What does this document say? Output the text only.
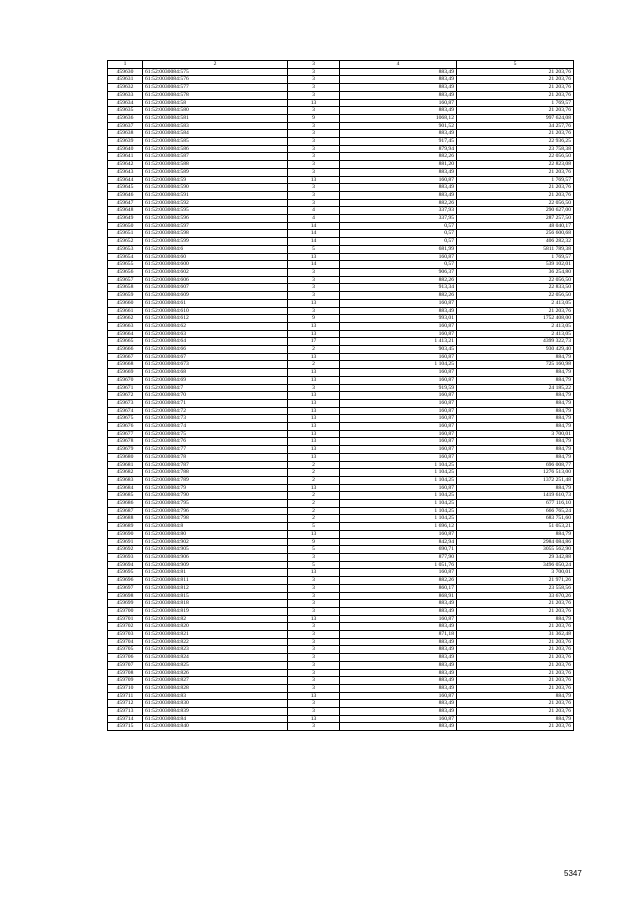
1	2	3	4	5
459630	61:52:0030084:575	3	883,49	21 203,76
459631	61:52:0030084:576	3	883,49	21 203,76
459632	61:52:0030084:577	3	883,49	21 203,76
459633	61:52:0030084:578	3	883,49	21 203,76
459634	61:52:0030084:58	13	160,87	1 769,57
459635	61:52:0030084:580	3	883,49	21 203,76
459636	61:52:0030084:581	9	1068,12	997 624,08
459637	61:52:0030084:583	3	901,52	34 257,76
459638	61:52:0030084:584	3	883,49	21 203,76
459639	61:52:0030084:585	3	917,45	22 936,25
459640	61:52:0030084:586	3	879,94	23 758,38
459641	61:52:0030084:587	3	882,26	22 056,50
459642	61:52:0030084:588	3	881,20	22 823,08
459643	61:52:0030084:589	3	883,49	21 203,76
459644	61:52:0030084:59	13	160,87	1 769,57
459645	61:52:0030084:590	3	883,49	21 203,76
459646	61:52:0030084:591	3	883,49	21 203,76
459647	61:52:0030084:592	3	882,26	22 056,50
459648	61:52:0030084:595	4	337,93	290 627,00
459649	61:52:0030084:596	4	337,95	287 257,50
459650	61:52:0030084:597	14	0,57	48 040,17
459651	61:52:0030084:598	14	0,57	256 600,68
459652	61:52:0030084:599	14	0,57	406 282,32
459653	61:52:0030084:6	5	681,99	5811 789,38
459654	61:52:0030084:60	13	160,87	1 769,57
459655	61:52:0030084:600	14	0,57	539 102,01
459656	61:52:0030084:602	3	906,37	36 254,80
459657	61:52:0030084:606	3	882,26	22 056,50
459658	61:52:0030084:607	3	913,34	22 833,50
459659	61:52:0030084:609	3	882,26	22 056,50
459660	61:52:0030084:61	13	160,87	2 413,05
459661	61:52:0030084:610	3	883,49	21 203,76
459662	61:52:0030084:612	9	993,01	1752 408,00
459663	61:52:0030084:62	13	160,87	2 413,05
459664	61:52:0030084:63	13	160,87	2 413,05
459665	61:52:0030084:64	17	1 413,21	4399 322,73
459666	61:52:0030084:66	2	903,45	930 429,40
459667	61:52:0030084:67	13	160,87	884,79
459668	61:52:0030084:673	2	1 104,25	725 160,98
459669	61:52:0030084:68	13	160,87	884,79
459670	61:52:0030084:69	13	160,87	884,79
459671	61:52:0030084:7	3	919,59	24 185,22
459672	61:52:0030084:70	13	160,87	884,79
459673	61:52:0030084:71	13	160,87	884,79
459674	61:52:0030084:72	13	160,87	884,79
459675	61:52:0030084:73	13	160,87	884,79
459676	61:52:0030084:74	13	160,87	884,79
459677	61:52:0030084:75	13	160,87	3 700,01
459678	61:52:0030084:76	13	160,87	884,79
459679	61:52:0030084:77	13	160,87	884,79
459680	61:52:0030084:78	13	160,87	884,79
459681	61:52:0030084:787	2	1 104,25	696 008,77
459682	61:52:0030084:788	2	1 104,25	1276 513,00
459683	61:52:0030084:789	2	1 104,25	1372 251,48
459684	61:52:0030084:79	13	160,87	884,79
459685	61:52:0030084:790	2	1 104,25	1419 610,73
459686	61:52:0030084:795	2	1 104,25	677 116,10
459687	61:52:0030084:796	2	1 104,25	666 765,24
459688	61:52:0030084:798	2	1 104,25	683 751,60
459689	61:52:0030084:8	5	1 696,12	51 053,21
459690	61:52:0030084:80	13	160,87	884,79
459691	61:52:0030084:902	9	842,94	2984 084,86
459692	61:52:0030084:905	5	690,71	3055 562,90
459693	61:52:0030084:906	3	877,90	29 342,88
459694	61:52:0030084:909	5	1 051,76	3496 050,24
459695	61:52:0030084:81	13	160,87	3 700,01
459696	61:52:0030084:811	3	882,26	21 971,26
459697	61:52:0030084:812	3	860,17	23 558,56
459698	61:52:0030084:815	3	868,91	33 670,26
459699	61:52:0030084:818	3	883,49	21 203,76
459700	61:52:0030084:819	3	883,49	21 203,76
459701	61:52:0030084:82	13	160,87	884,79
459702	61:52:0030084:820	3	883,49	21 203,76
459703	61:52:0030084:821	3	871,18	31 362,48
459704	61:52:0030084:822	3	883,49	21 203,76
459705	61:52:0030084:823	3	883,49	21 203,76
459706	61:52:0030084:824	3	883,49	21 203,76
459707	61:52:0030084:825	3	883,49	21 203,76
459708	61:52:0030084:826	3	883,49	21 203,76
459709	61:52:0030084:827	3	883,49	21 203,76
459710	61:52:0030084:828	3	883,49	21 203,76
459711	61:52:0030084:83	13	160,87	884,79
459712	61:52:0030084:830	3	883,49	21 203,76
459713	61:52:0030084:839	3	883,49	21 203,76
459714	61:52:0030084:84	13	160,87	884,79
459715	61:52:0030084:840	3	883,49	21 203,76
5347
